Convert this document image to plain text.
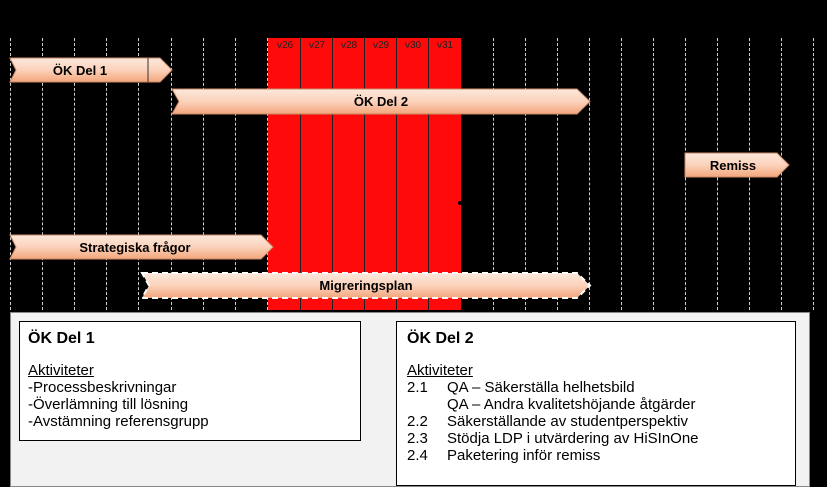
v26	v27	v28	v29	v30	v31
ÖK Del 1
ÖK Del 2
Remiss
Strategiska frågor
Migreringsplan
ÖK Del 1
Aktiviteter
-Processbeskrivningar
-Överlämning till lösning
-Avstämning referensgrupp
ÖK Del 2
Aktiviteter
2.1	QA – Säkerställa helhetsbild
QA – Andra kvalitetshöjande åtgärder
2.2	Säkerställande av studentperspektiv
2.3	Stödja LDP i utvärdering av HiSInOne
2.4	Paketering inför remiss
